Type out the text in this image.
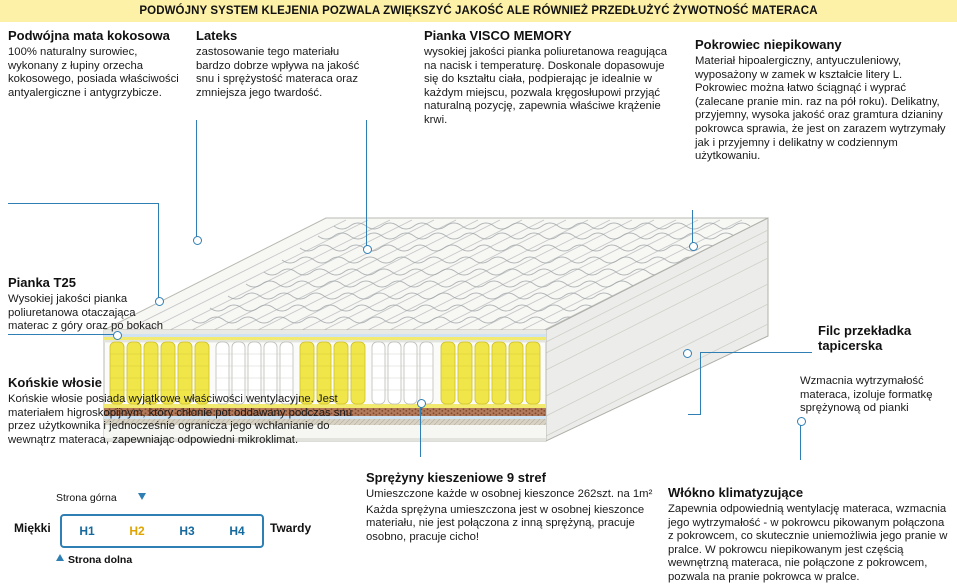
PODWÓJNY SYSTEM KLEJENIA POZWALA ZWIĘKSZYĆ JAKOŚĆ ALE RÓWNIEŻ PRZEDŁUŻYĆ ŻYWOTNOŚĆ MATERACA
Podwójna mata kokosowa
100% naturalny surowiec, wykonany z łupiny orzecha kokosowego, posiada właściwości antyalergiczne i antygrzybicze.
Lateks
zastosowanie tego materiału bardzo dobrze wpływa na jakość snu i sprężystość materaca oraz zmniejsza jego twardość.
Pianka VISCO MEMORY
wysokiej jakości pianka poliuretanowa reagująca na nacisk i temperaturę. Doskonale dopasowuje się do kształtu ciała, podpierając je idealnie w każdym miejscu, pozwala kręgosłupowi przyjąć naturalną pozycję, zapewnia właściwe krążenie krwi.
Pokrowiec niepikowany
Materiał hipoalergiczny, antyuczuleniowy, wyposażony w zamek w kształcie litery L. Pokrowiec można łatwo ściągnąć i wyprać (zalecane pranie min. raz na pół roku). Delikatny, przyjemny, wysoka jakość oraz gramtura dzianiny pokrowca sprawia, że jest on zarazem wytrzymały jak i przyjemny i delikatny w codziennym użytkowaniu.
Pianka T25
Wysokiej jakości pianka poliuretanowa otaczająca materac z góry oraz po bokach
Końskie włosie
Końskie włosie posiada wyjątkowe właściwości wentylacyjne. Jest materiałem higroskopijnym, który chłonie pot oddawany podczas snu przez użytkownika i jednocześnie ogranicza jego wchłanianie do wewnątrz materaca, zapewniając odpowiedni mikroklimat.
Sprężyny kieszeniowe 9 stref
Umieszczone każde w osobnej kieszonce 262szt. na 1m²
Każda sprężyna umieszczona jest w osobnej kieszonce materiału, nie jest połączona z inną sprężyną, pracuje osobno, pracuje cicho!
Filc przekładka tapicerska
Wzmacnia wytrzymałość materaca, izoluje formatkę sprężynową od pianki
Włókno klimatyzujące
Zapewnia odpowiednią wentylację materaca, wzmacnia jego wytrzymałość - w pokrowcu pikowanym połączona z pokrowcem, co skutecznie uniemożliwia jego pranie w pralce. W pokrowcu niepikowanym jest częścią wewnętrzną materaca, nie połączone z pokrowcem, pozwala na pranie pokrowca w pralce.
Strona górna
Miękki	Twardy
H1	H2	H3	H4
Strona dolna
